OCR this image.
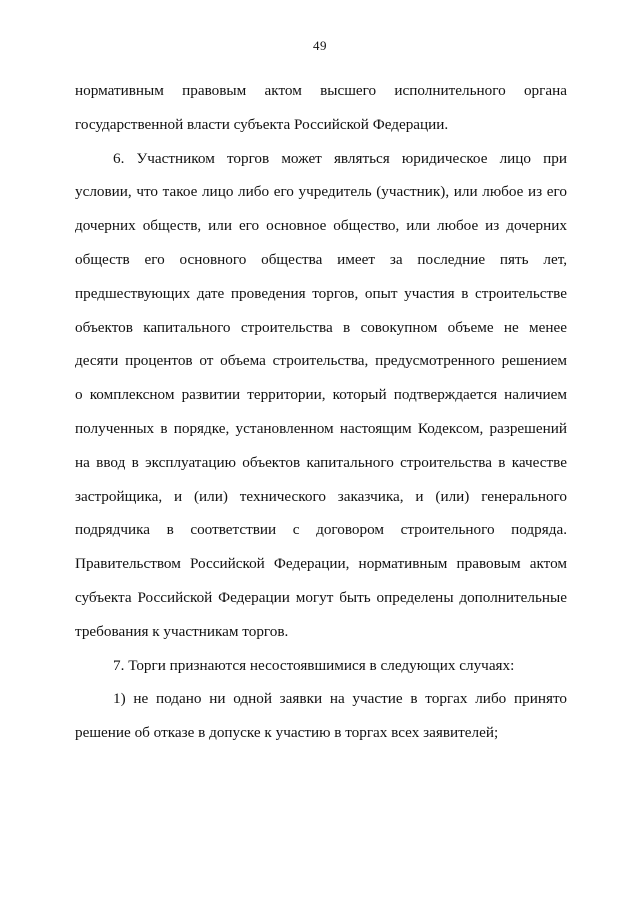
49
нормативным правовым актом высшего исполнительного органа
государственной власти субъекта Российской Федерации.
6. Участником торгов может являться юридическое лицо при
условии, что такое лицо либо его учредитель (участник), или любое из его
дочерних обществ, или его основное общество, или любое из дочерних
обществ его основного общества имеет за последние пять лет,
предшествующих дате проведения торгов, опыт участия в строительстве
объектов капитального строительства в совокупном объеме не менее
десяти процентов от объема строительства, предусмотренного решением
о комплексном развитии территории, который подтверждается наличием
полученных в порядке, установленном настоящим Кодексом, разрешений
на ввод в эксплуатацию объектов капитального строительства в качестве
застройщика, и (или) технического заказчика, и (или) генерального
подрядчика в соответствии с договором строительного подряда.
Правительством Российской Федерации, нормативным правовым актом
субъекта Российской Федерации могут быть определены дополнительные
требования к участникам торгов.
7. Торги признаются несостоявшимися в следующих случаях:
1) не подано ни одной заявки на участие в торгах либо принято
решение об отказе в допуске к участию в торгах всех заявителей;
